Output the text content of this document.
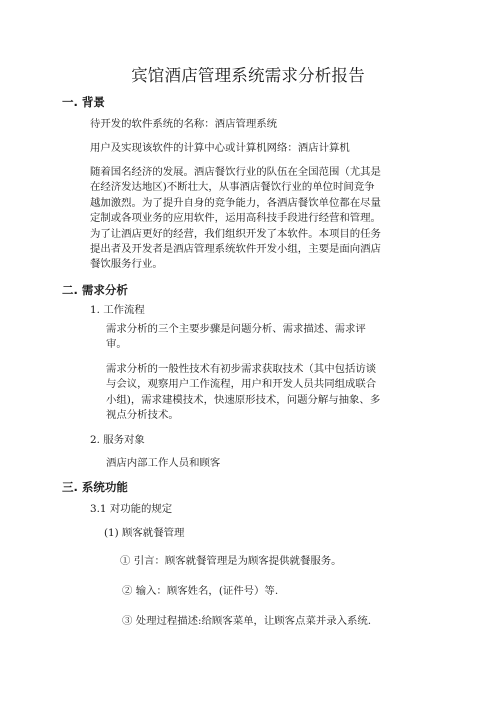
宾馆酒店管理系统需求分析报告
一. 背景
待开发的软件系统的名称：酒店管理系统
用户及实现该软件的计算中心或计算机网络：酒店计算机
随着国名经济的发展。酒店餐饮行业的队伍在全国范围（尤其是
在经济发达地区)不断壮大，从事酒店餐饮行业的单位时间竞争
越加激烈。为了提升自身的竞争能力，各酒店餐饮单位都在尽量
定制或各项业务的应用软件，运用高科技手段进行经营和管理。
为了让酒店更好的经营，我们组织开发了本软件。本项目的任务
提出者及开发者是酒店管理系统软件开发小组，主要是面向酒店
餐饮服务行业。
二. 需求分析
1. 工作流程
需求分析的三个主要步骤是问题分析、需求描述、需求评
审。
需求分析的一般性技术有初步需求获取技术（其中包括访谈
与会议，观察用户工作流程，用户和开发人员共同组成联合
小组)，需求建模技术，快速原形技术，问题分解与抽象、多
视点分析技术。
2. 服务对象
酒店内部工作人员和顾客
三. 系统功能
3.1 对功能的规定
(1) 顾客就餐管理
① 引言：顾客就餐管理是为顾客提供就餐服务。
② 输入：顾客姓名，(证件号）等.
③ 处理过程描述:给顾客菜单，让顾客点菜并录入系统.
